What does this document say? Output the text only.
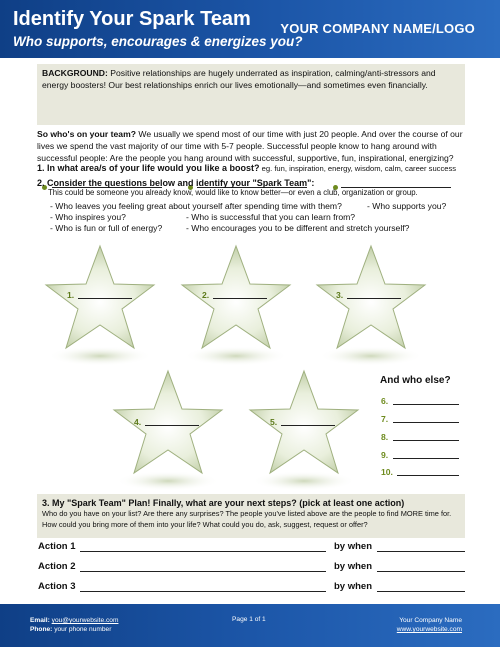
Identify Your Spark Team
Who supports, encourages & energizes you?
YOUR COMPANY NAME/LOGO
BACKGROUND: Positive relationships are hugely underrated as inspiration, calming/anti-stressors and energy boosters! Our best relationships enrich our lives emotionally—and sometimes even financially.
So who's on your team? We usually we spend most of our time with just 20 people. And over the course of our lives we spend the vast majority of our time with 5-7 people. Successful people know to hang around with successful people: Are the people you hang around with successful, supportive, fun, inspirational, energizing?
1. In what area/s of your life would you like a boost? eg. fun, inspiration, energy, wisdom, calm, career success
2. Consider the questions below and identify your "Spark Team":
This could be someone you already know, would like to know better—or even a club, organization or group.
- Who leaves you feeling great about yourself after spending time with them?	- Who supports you?
- Who inspires you?	- Who is successful that you can learn from?
- Who is fun or full of energy?	- Who encourages you to be different and stretch yourself?
1.	2.	3.
4.	5.
And who else?
6.
7.
8.
9.
10.
3. My "Spark Team" Plan! Finally, what are your next steps? (pick at least one action)
Who do you have on your list? Are there any surprises? The people you've listed above are the people to find MORE time for. How could you bring more of them into your life? What could you do, ask, suggest, request or offer?
Action 1	by when
Action 2	by when
Action 3	by when
Email: you@yourwebsite.com
Phone: your phone number
Page 1 of 1	Your Company Name
www.yourwebsite.com
